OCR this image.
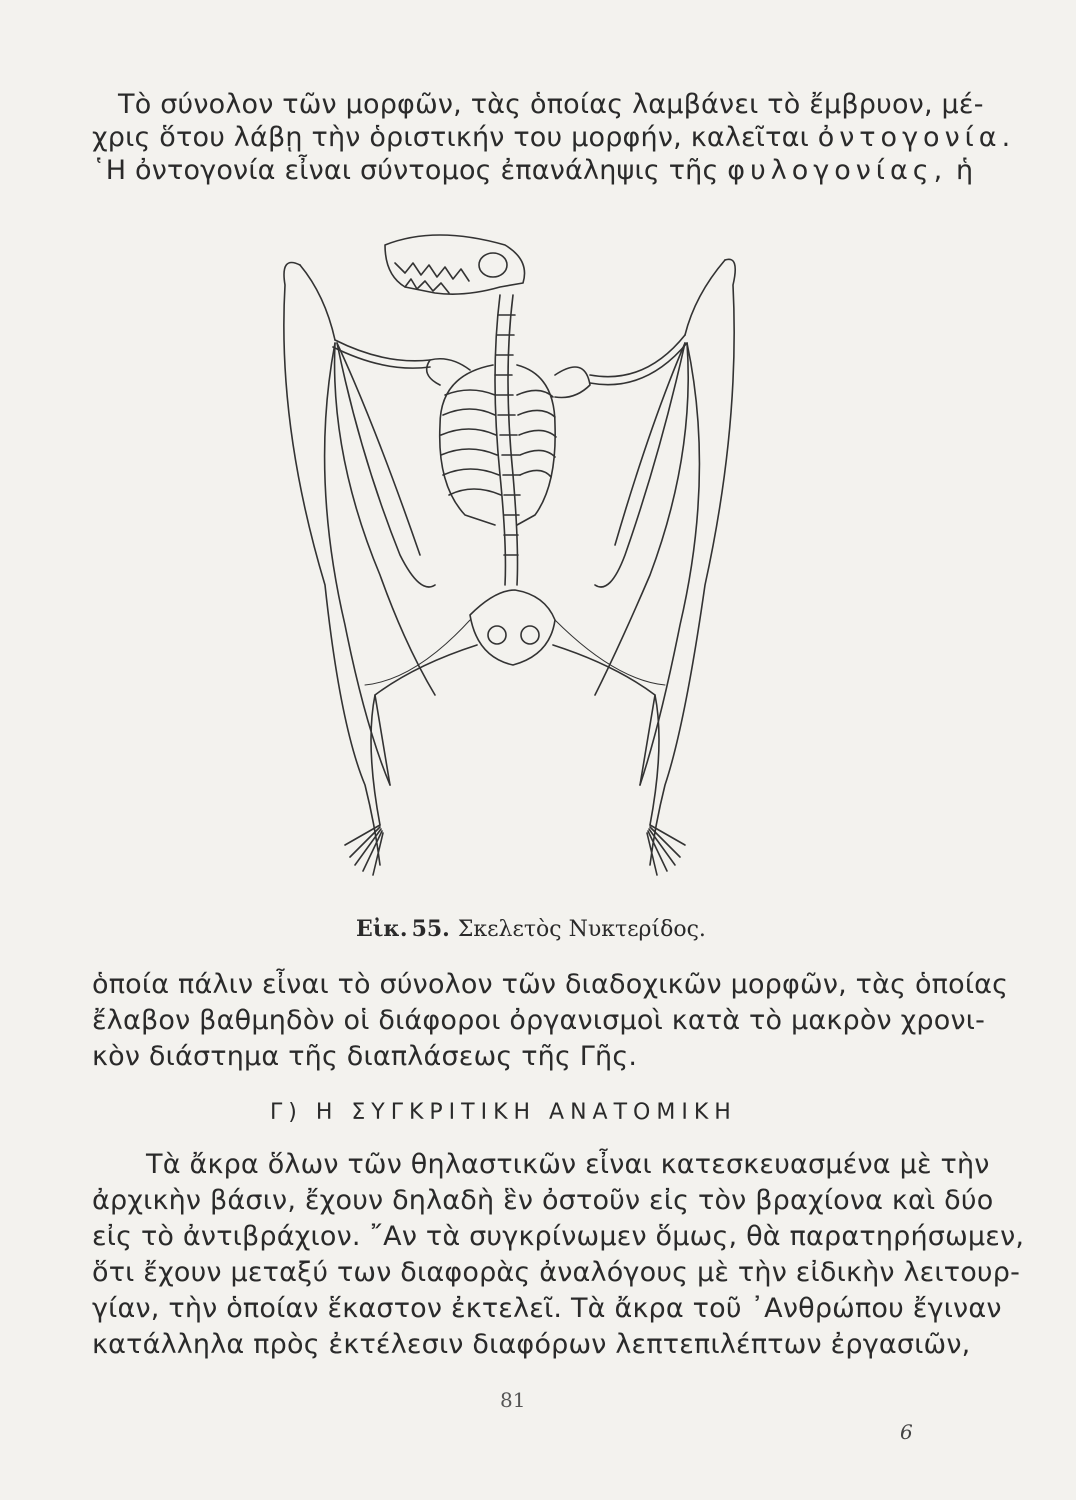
Τὸ σύνολον τῶν μορφῶν, τὰς ὁποίας λαμβάνει τὸ ἔμβρυον, μέ-
χρις ὅτου λάβῃ τὴν ὁριστικήν του μορφήν, καλεῖται ὀντογονία.
῾Η ὀντογονία εἶναι σύντομος ἐπανάληψις τῆς φυλογονίας, ἡ
Εἰκ. 55. Σκελετὸς Νυκτερίδος.
ὁποία πάλιν εἶναι τὸ σύνολον τῶν διαδοχικῶν μορφῶν, τὰς ὁποίας
ἔλαβον βαθμηδὸν οἱ διάφοροι ὀργανισμοὶ κατὰ τὸ μακρὸν χρονι-
κὸν διάστημα τῆς διαπλάσεως τῆς Γῆς.
Γ) Η ΣΥΓΚΡΙΤΙΚΗ ΑΝΑΤΟΜΙΚΗ
Τὰ ἄκρα ὅλων τῶν θηλαστικῶν εἶναι κατεσκευασμένα μὲ τὴν
ἀρχικὴν βάσιν, ἔχουν δηλαδὴ ἓν ὀστοῦν εἰς τὸν βραχίονα καὶ δύο
εἰς τὸ ἀντιβράχιον. ῎Αν τὰ συγκρίνωμεν ὅμως, θὰ παρατηρήσωμεν,
ὅτι ἔχουν μεταξύ των διαφορὰς ἀναλόγους μὲ τὴν εἰδικὴν λειτουρ-
γίαν, τὴν ὁποίαν ἕκαστον ἐκτελεῖ. Τὰ ἄκρα τοῦ ᾿Ανθρώπου ἔγιναν
κατάλληλα πρὸς ἐκτέλεσιν διαφόρων λεπτεπιλέπτων ἐργασιῶν,
81
6
